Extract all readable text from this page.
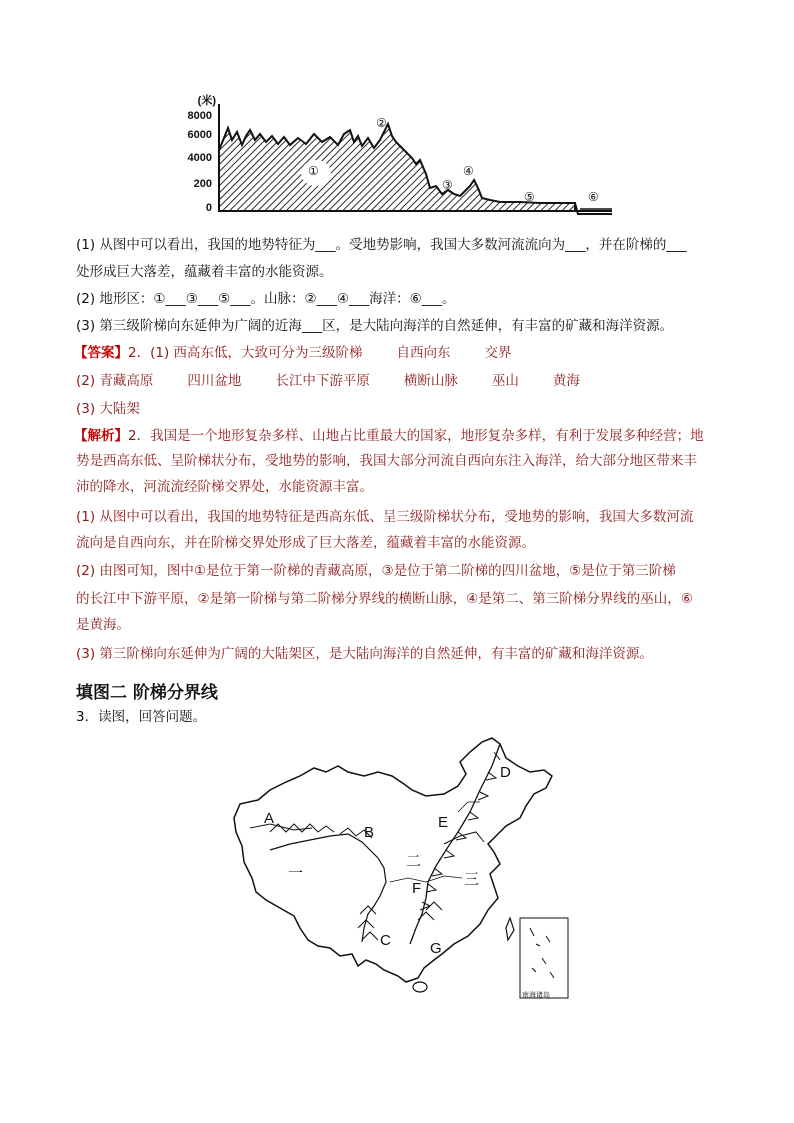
(米)
8000
6000
4000
200
0
①
②
③
④
⑤	⑥
(1) 从图中可以看出，我国的地势特征为___。受地势影响，我国大多数河流流向为___，并在阶梯的___
处形成巨大落差，蕴藏着丰富的水能资源。
(2) 地形区：①___③___⑤___。山脉：②___④___海洋：⑥___。
(3) 第三级阶梯向东延伸为广阔的近海___区，是大陆向海洋的自然延伸，有丰富的矿藏和海洋资源。
【答案】2．(1) 西高东低，大致可分为三级阶梯	自西向东	交界
(2) 青藏高原	四川盆地	长江中下游平原	横断山脉	巫山	黄海
(3) 大陆架
【解析】2．我国是一个地形复杂多样、山地占比重最大的国家，地形复杂多样，有利于发展多种经营；地
势是西高东低、呈阶梯状分布，受地势的影响，我国大部分河流自西向东注入海洋，给大部分地区带来丰
沛的降水，河流流经阶梯交界处，水能资源丰富。
(1) 从图中可以看出，我国的地势特征是西高东低、呈三级阶梯状分布，受地势的影响，我国大多数河流
流向是自西向东，并在阶梯交界处形成了巨大落差，蕴藏着丰富的水能资源。
(2) 由图可知，图中①是位于第一阶梯的青藏高原，③是位于第二阶梯的四川盆地，⑤是位于第三阶梯
的长江中下游平原，②是第一阶梯与第二阶梯分界线的横断山脉，④是第二、第三阶梯分界线的巫山，⑥
是黄海。
(3) 第三阶梯向东延伸为广阔的大陆架区，是大陆向海洋的自然延伸，有丰富的矿藏和海洋资源。
填图二 阶梯分界线
3．读图，回答问题。
A
B
C
D
E
F
G
一
二
三
南海诸岛
